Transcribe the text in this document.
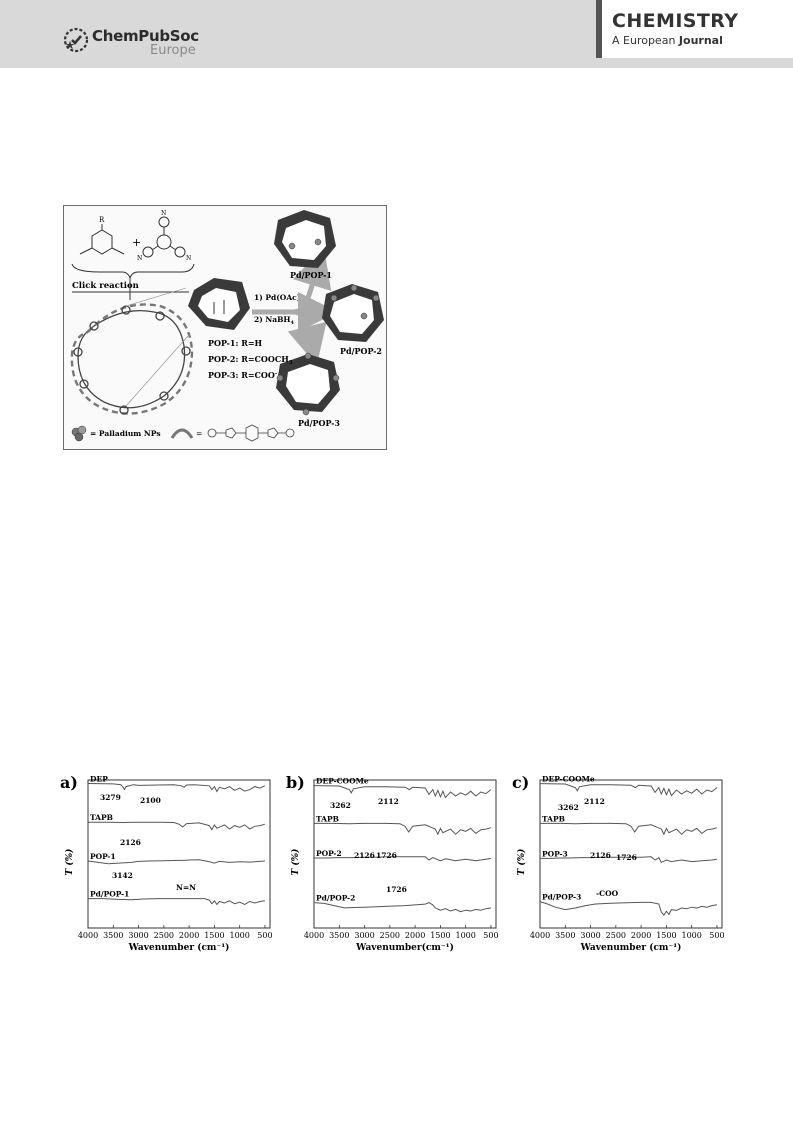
ChemPubSoc
Europe
CHEMISTRY
A European Journal
R
+
N
N	N
Click reaction
1) $Pd(OAc)_2$
2) NaBH$_4$
Pd/POP-1
Pd/POP-2
Pd/POP-3
POP-1: R=H
POP-2: $R=COOCH_3$
POP-3: R=COO-
= Palladium NPs	=
a)
T (%)
4000 3500 3000 2500 2000 1500 1000 500
Wavenumber (cm⁻¹)
DEP
TAPB
POP-1
Pd/POP-1
3279	2100
2126
3142
N=N
b)
T (%)
4000 3500 3000 2500 2000 1500 1000 500
Wavenumber(cm⁻¹)
DEP-COOMe
TAPB
POP-2
Pd/POP-2
3262	2112
2126 1726
1726
c)
T (%)
4000 3500 3000 2500 2000 1500 1000 500
Wavenumber (cm⁻¹)
DEP-COOMe
TAPB
POP-3
Pd/POP-3
3262
2112
2126 1726
-COO
